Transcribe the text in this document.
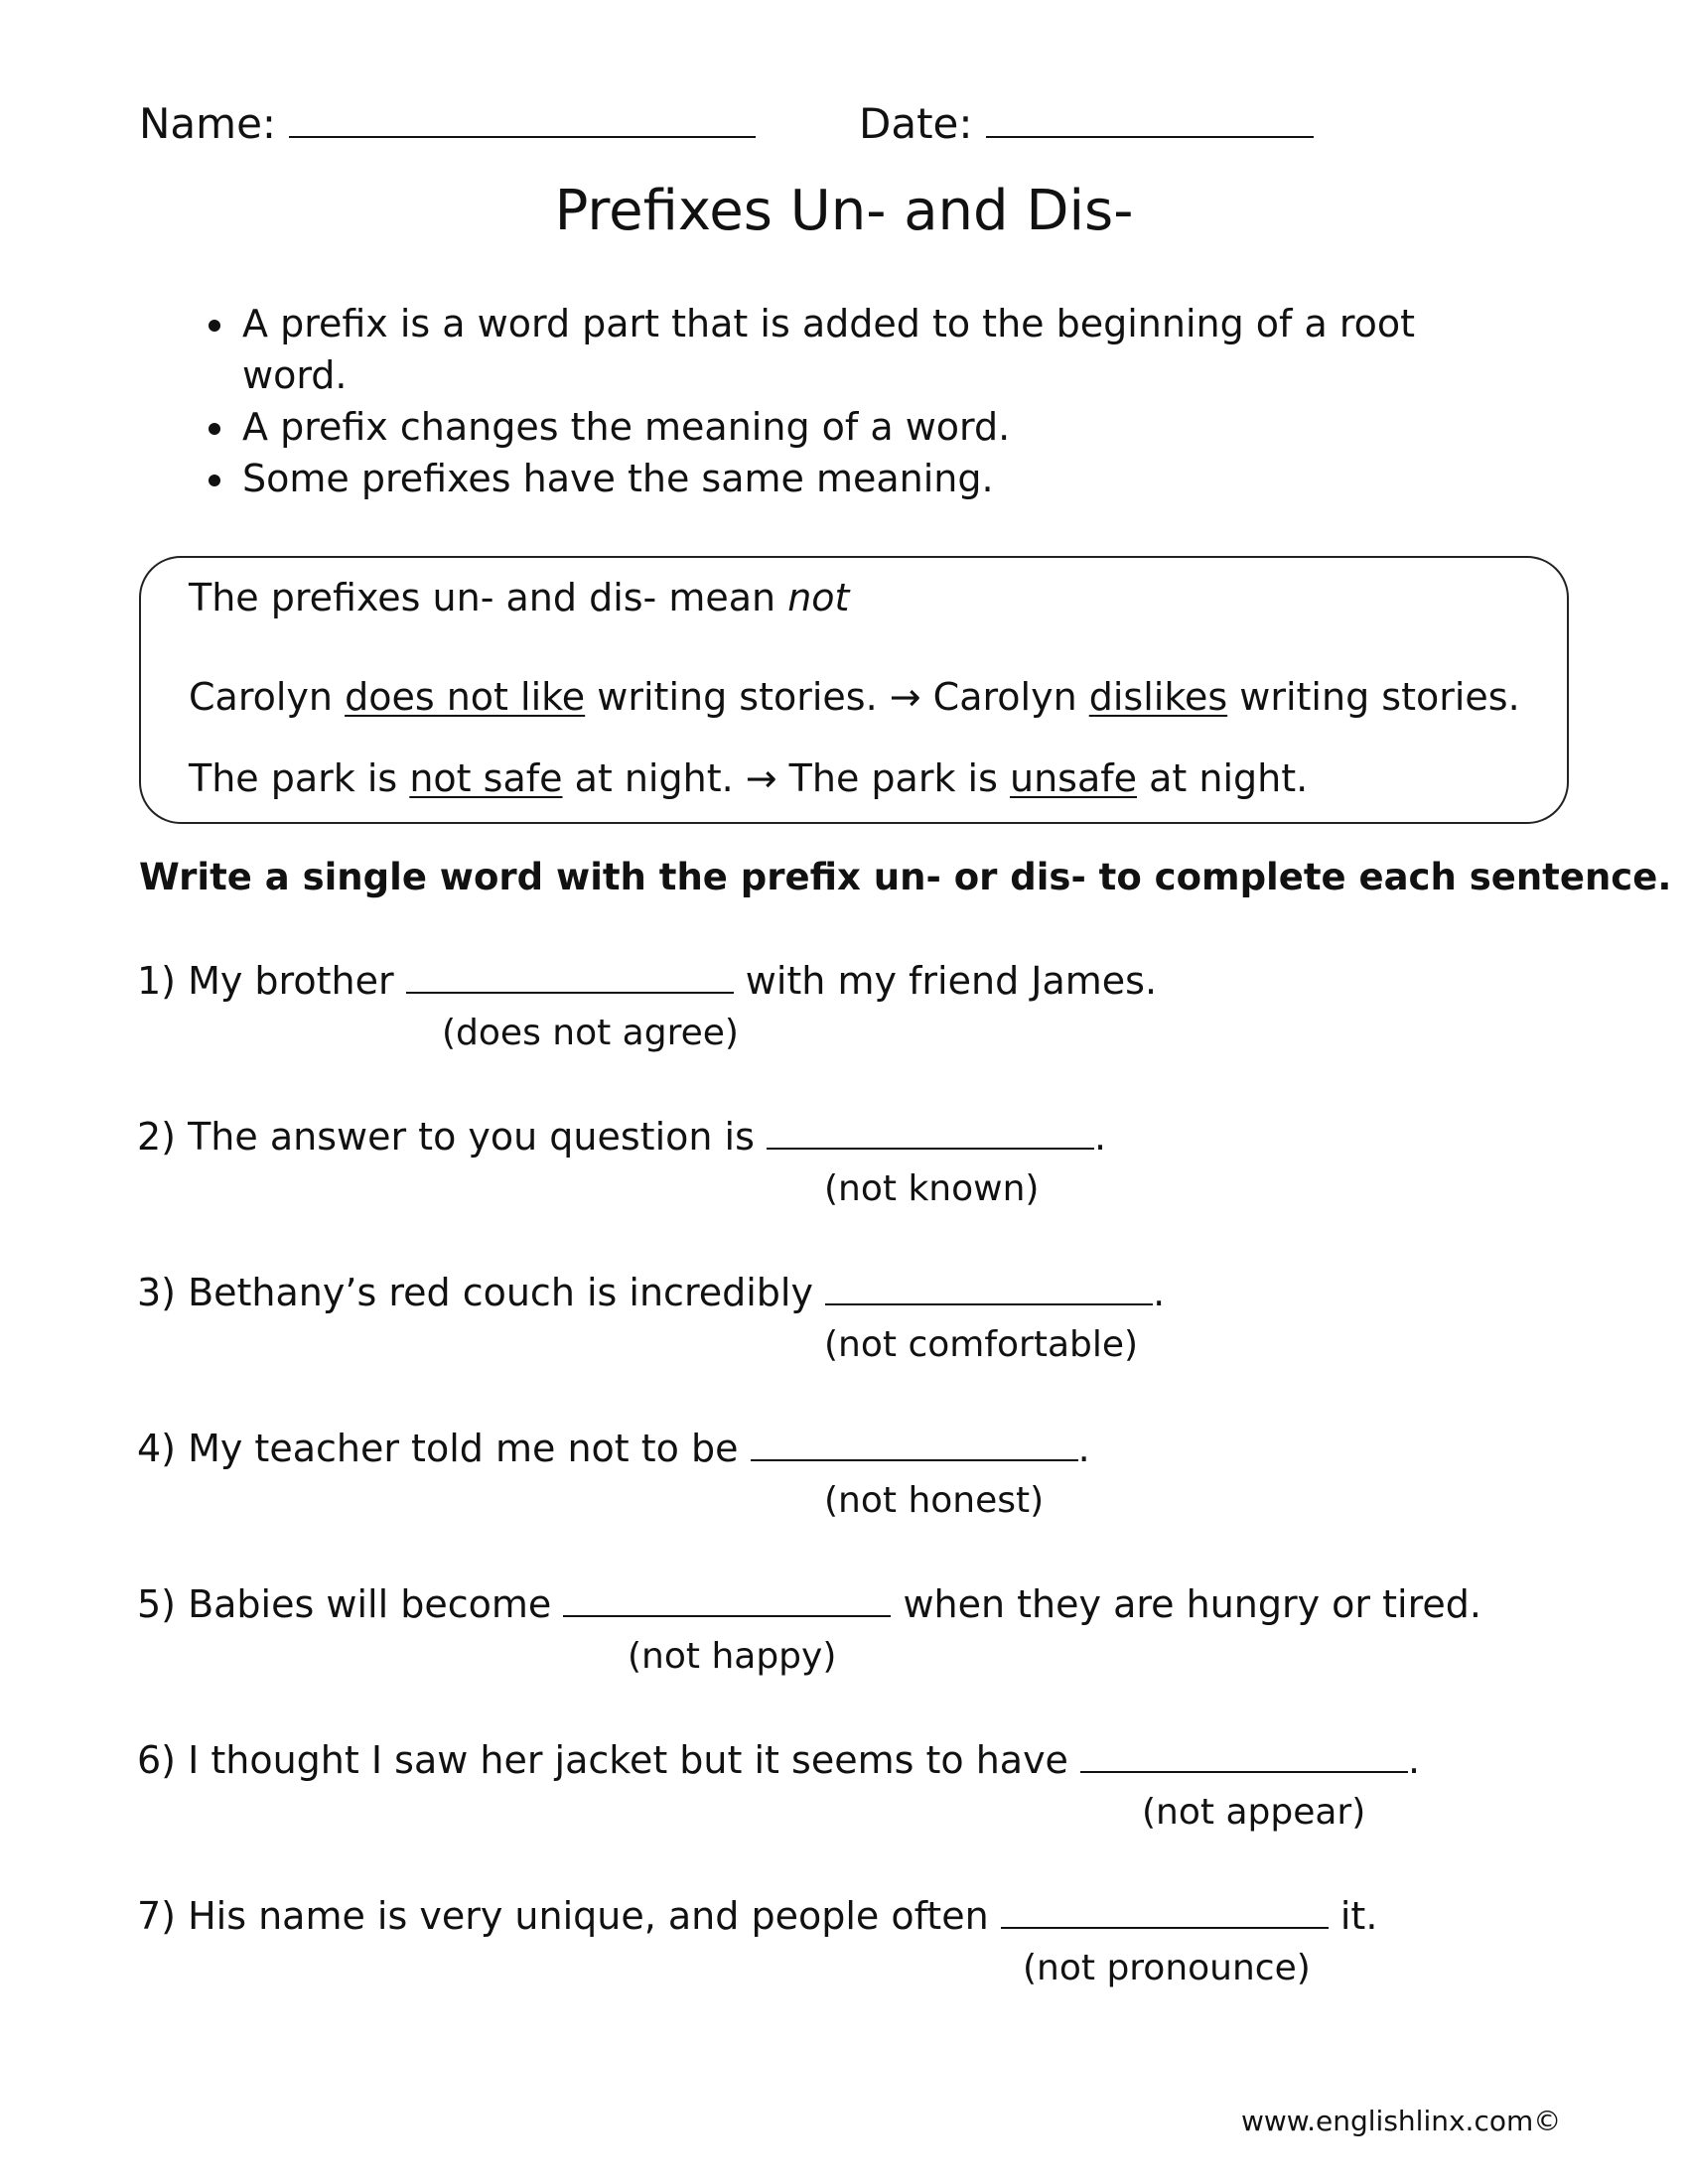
Name:	Date:
Prefixes Un- and Dis-
• A prefix is a word part that is added to the beginning of a root word.
• A prefix changes the meaning of a word.
• Some prefixes have the same meaning.
The prefixes un- and dis- mean not
Carolyn does not like writing stories. → Carolyn dislikes writing stories.
The park is not safe at night. → The park is unsafe at night.
Write a single word with the prefix un- or dis- to complete each sentence.
1) My brother	with my friend James.
(does not agree)
2) The answer to you question is	.
(not known)
3) Bethany’s red couch is incredibly	.
(not comfortable)
4) My teacher told me not to be	.
(not honest)
5) Babies will become	when they are hungry or tired.
(not happy)
6) I thought I saw her jacket but it seems to have	.
(not appear)
7) His name is very unique, and people often	it.
(not pronounce)
www.englishlinx.com©
